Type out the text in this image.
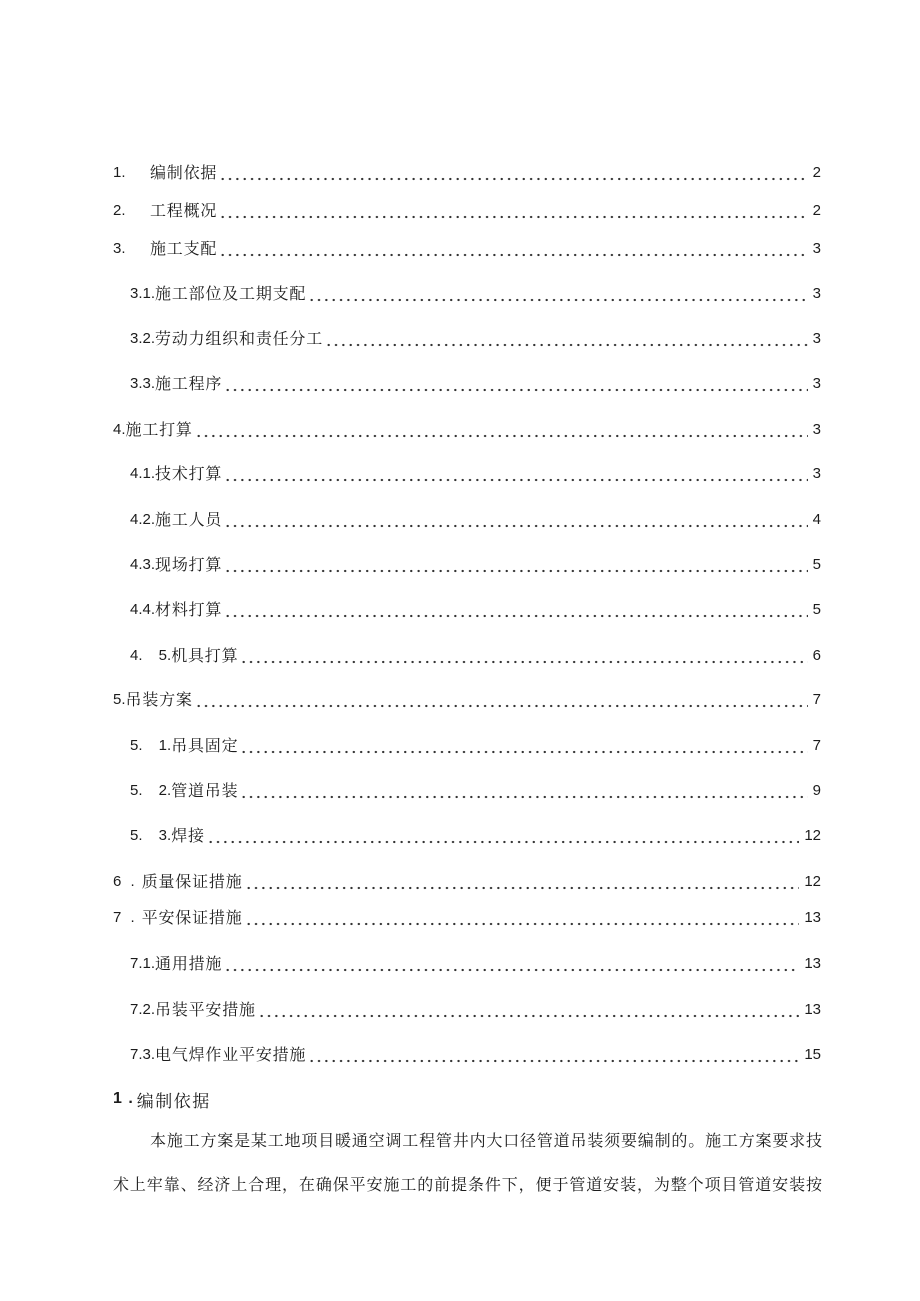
1.	编制依据	2
2.	工程概况	2
3.	施工支配	3
3.1. 施工部位及工期支配	3
3.2. 劳动力组织和责任分工	3
3.3. 施工程序	3
4. 施工打算	3
4.1. 技术打算	3
4.2. 施工人员	4
4.3. 现场打算	5
4.4. 材料打算	5
4. 5. 机具打算	6
5. 吊装方案	7
5. 1. 吊具固定	7
5. 2. 管道吊装	9
5. 3. 焊接	12
6 . 质量保证措施	12
7 . 平安保证措施	13
7.1. 通用措施	13
7.2. 吊装平安措施	13
7.3. 电气焊作业平安措施	15
1 . 编制依据
本施工方案是某工地项目暖通空调工程管井内大口径管道吊装须要编制的。施工方案要求技
术上牢靠、经济上合理，在确保平安施工的前提条件下，便于管道安装，为整个项目管道安装按
